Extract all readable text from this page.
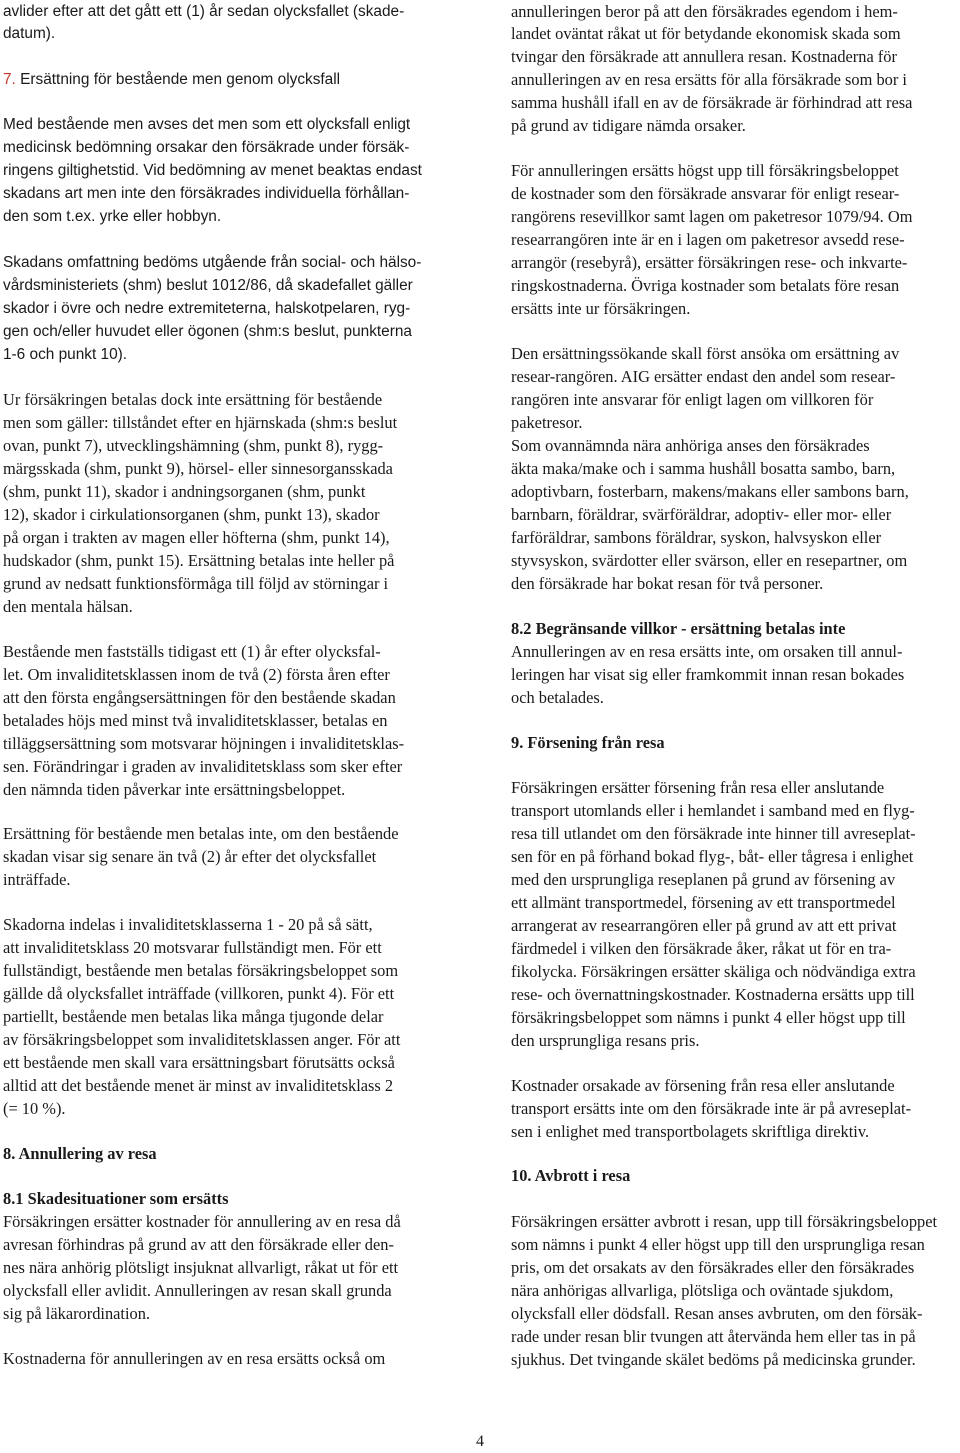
avlider efter att det gått ett (1) år sedan olycksfallet (skade-
datum).
7. Ersättning för bestående men genom olycksfall
Med bestående men avses det men som ett olycksfall enligt
medicinsk bedömning orsakar den försäkrade under försäk-
ringens giltighetstid. Vid bedömning av menet beaktas endast
skadans art men inte den försäkrades individuella förhållan-
den som t.ex. yrke eller hobbyn.
Skadans omfattning bedöms utgående från social- och hälso-
vårdsministeriets (shm) beslut 1012/86, då skadefallet gäller
skador i övre och nedre extremiteterna, halskotpelaren, ryg-
gen och/eller huvudet eller ögonen (shm:s beslut, punkterna
1-6 och punkt 10).
Ur försäkringen betalas dock inte ersättning för bestående
men som gäller: tillståndet efter en hjärnskada (shm:s beslut
ovan, punkt 7), utvecklingshämning (shm, punkt 8), rygg-
märgsskada (shm, punkt 9), hörsel- eller sinnesorgansskada
(shm, punkt 11), skador i andningsorganen (shm, punkt
12), skador i cirkulationsorganen (shm, punkt 13), skador
på organ i trakten av magen eller höfterna (shm, punkt 14),
hudskador (shm, punkt 15). Ersättning betalas inte heller på
grund av nedsatt funktionsförmåga till följd av störningar i
den mentala hälsan.
Bestående men fastställs tidigast ett (1) år efter olycksfal-
let. Om invaliditetsklassen inom de två (2) första åren efter
att den första engångsersättningen för den bestående skadan
betalades höjs med minst två invaliditetsklasser, betalas en
tilläggsersättning som motsvarar höjningen i invaliditetsklas-
sen. Förändringar i graden av invaliditetsklass som sker efter
den nämnda tiden påverkar inte ersättningsbeloppet.
Ersättning för bestående men betalas inte, om den bestående
skadan visar sig senare än två (2) år efter det olycksfallet
inträffade.
Skadorna indelas i invaliditetsklasserna 1 - 20 på så sätt,
att invaliditetsklass 20 motsvarar fullständigt men. För ett
fullständigt, bestående men betalas försäkringsbeloppet som
gällde då olycksfallet inträffade (villkoren, punkt 4). För ett
partiellt, bestående men betalas lika många tjugonde delar
av försäkringsbeloppet som invaliditetsklassen anger. För att
ett bestående men skall vara ersättningsbart förutsätts också
alltid att det bestående menet är minst av invaliditetsklass 2
(= 10 %).
8. Annullering av resa
8.1 Skadesituationer som ersätts
Försäkringen ersätter kostnader för annullering av en resa då
avresan förhindras på grund av att den försäkrade eller den-
nes nära anhörig plötsligt insjuknat allvarligt, råkat ut för ett
olycksfall eller avlidit. Annulleringen av resan skall grunda
sig på läkarordination.
Kostnaderna för annulleringen av en resa ersätts också om
annulleringen beror på att den försäkrades egendom i hem-
landet oväntat råkat ut för betydande ekonomisk skada som
tvingar den försäkrade att annullera resan. Kostnaderna för
annulleringen av en resa ersätts för alla försäkrade som bor i
samma hushåll ifall en av de försäkrade är förhindrad att resa
på grund av tidigare nämda orsaker.
För annulleringen ersätts högst upp till försäkringsbeloppet
de kostnader som den försäkrade ansvarar för enligt resear-
rangörens resevillkor samt lagen om paketresor 1079/94. Om
researrangören inte är en i lagen om paketresor avsedd rese-
arrangör (resebyrå), ersätter försäkringen rese- och inkvarte-
ringskostnaderna. Övriga kostnader som betalats före resan
ersätts inte ur försäkringen.
Den ersättningssökande skall först ansöka om ersättning av
resear-rangören. AIG ersätter endast den andel som resear-
rangören inte ansvarar för enligt lagen om villkoren för
paketresor.
Som ovannämnda nära anhöriga anses den försäkrades
äkta maka/make och i samma hushåll bosatta sambo, barn,
adoptivbarn, fosterbarn, makens/makans eller sambons barn,
barnbarn, föräldrar, svärföräldrar, adoptiv- eller mor- eller
farföräldrar, sambons föräldrar, syskon, halvsyskon eller
styvsyskon, svärdotter eller svärson, eller en resepartner, om
den försäkrade har bokat resan för två personer.
8.2 Begränsande villkor - ersättning betalas inte
Annulleringen av en resa ersätts inte, om orsaken till annul-
leringen har visat sig eller framkommit innan resan bokades
och betalades.
9. Försening från resa
Försäkringen ersätter försening från resa eller anslutande
transport utomlands eller i hemlandet i samband med en flyg-
resa till utlandet om den försäkrade inte hinner till avreseplat-
sen för en på förhand bokad flyg-, båt- eller tågresa i enlighet
med den ursprungliga reseplanen på grund av försening av
ett allmänt transportmedel, försening av ett transportmedel
arrangerat av researrangören eller på grund av att ett privat
färdmedel i vilken den försäkrade åker, råkat ut för en tra-
fikolycka. Försäkringen ersätter skäliga och nödvändiga extra
rese- och övernattningskostnader. Kostnaderna ersätts upp till
försäkringsbeloppet som nämns i punkt 4 eller högst upp till
den ursprungliga resans pris.
Kostnader orsakade av försening från resa eller anslutande
transport ersätts inte om den försäkrade inte är på avreseplat-
sen i enlighet med transportbolagets skriftliga direktiv.
10. Avbrott i resa
Försäkringen ersätter avbrott i resan, upp till försäkringsbeloppet
som nämns i punkt 4 eller högst upp till den ursprungliga resan
pris, om det orsakats av den försäkrades eller den försäkrades
nära anhörigas allvarliga, plötsliga och oväntade sjukdom,
olycksfall eller dödsfall. Resan anses avbruten, om den försäk-
rade under resan blir tvungen att återvända hem eller tas in på
sjukhus. Det tvingande skälet bedöms på medicinska grunder.
4
